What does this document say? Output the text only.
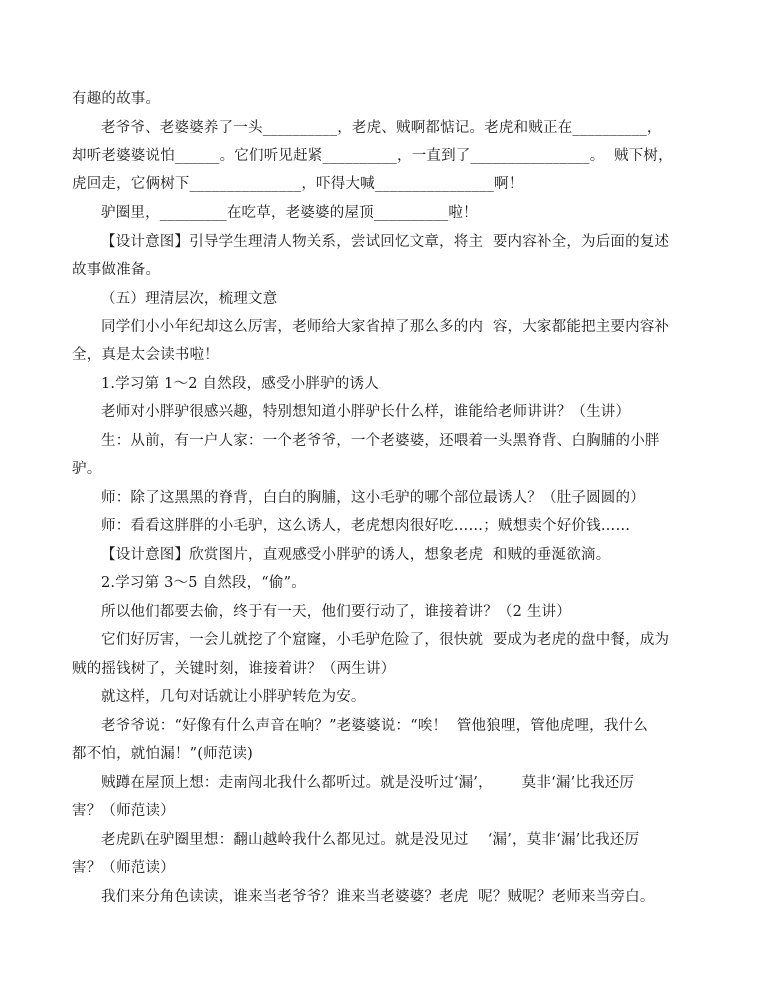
有趣的故事。
老爷爷、老婆婆养了一头__________，老虎、贼啊都惦记。老虎和贼正在__________，
却听老婆婆说怕______。它们听见赶紧__________，一直到了________________。  贼下树，
虎回走，它俩树下_______________，吓得大喊________________啊！
驴圈里，_________在吃草，老婆婆的屋顶__________啦！
【设计意图】引导学生理清人物关系，尝试回忆文章，将主  要内容补全，为后面的复述
故事做准备。
（五）理清层次，梳理文意
同学们小小年纪却这么厉害，老师给大家省掉了那么多的内  容，大家都能把主要内容补
全，真是太会读书啦！
1.学习第 1～2 自然段，感受小胖驴的诱人
老师对小胖驴很感兴趣，特别想知道小胖驴长什么样，谁能给老师讲讲？（生讲）
生：从前，有一户人家：一个老爷爷，一个老婆婆，还喂着一头黑脊背、白胸脯的小胖
驴。
师：除了这黑黑的脊背，白白的胸脯，这小毛驴的哪个部位最诱人？（肚子圆圆的）
师：看看这胖胖的小毛驴，这么诱人，老虎想肉很好吃……；贼想卖个好价钱……
【设计意图】欣赏图片，直观感受小胖驴的诱人，想象老虎  和贼的垂涎欲滴。
2.学习第 3～5 自然段，“偷”。
所以他们都要去偷，终于有一天，他们要行动了，谁接着讲？（2 生讲）
它们好厉害，一会儿就挖了个窟窿，小毛驴危险了，很快就  要成为老虎的盘中餐，成为
贼的摇钱树了，关键时刻，谁接着讲？（两生讲）
就这样，几句对话就让小胖驴转危为安。
老爷爷说：“好像有什么声音在响？”老婆婆说：“唉！  管他狼哩，管他虎哩，我什么
都不怕，就怕漏！”(师范读)
贼蹲在屋顶上想：走南闯北我什么都听过。就是没听过‘漏’，      莫非‘漏’比我还厉
害？（师范读）
老虎趴在驴圈里想：翻山越岭我什么都见过。就是没见过    ‘漏’，莫非‘漏’比我还厉
害？（师范读）
我们来分角色读读，谁来当老爷爷？谁来当老婆婆？老虎  呢？贼呢？老师来当旁白。
